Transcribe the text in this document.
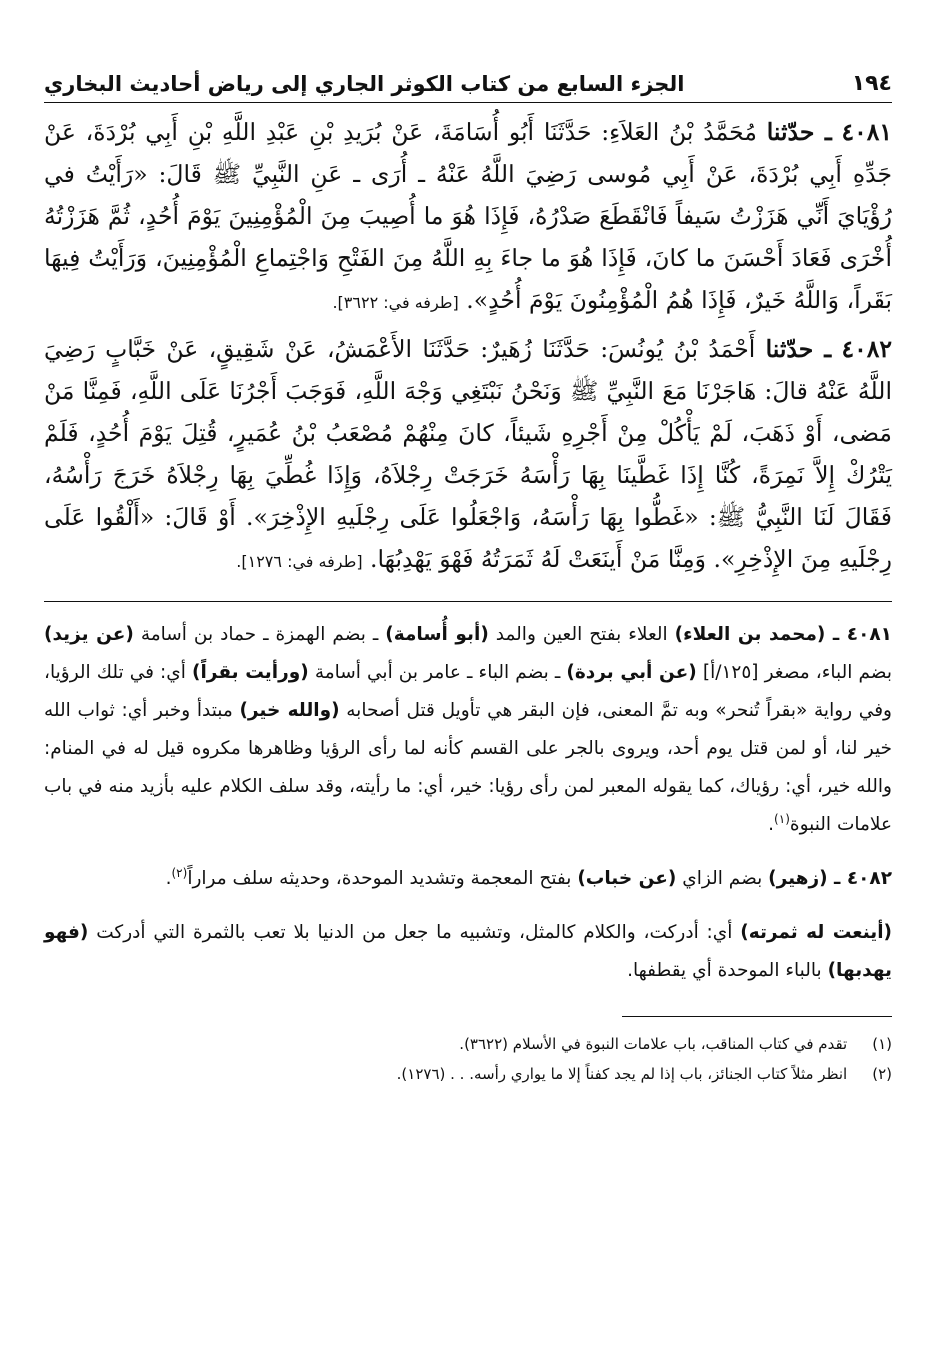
١٩٤
الجزء السابع من كتاب الكوثر الجاري إلى رياض أحاديث البخاري

٤٠٨١ ـ حدّثنا مُحَمَّدُ بْنُ العَلاَءِ: حَدَّثَنَا أَبُو أُسَامَةَ، عَنْ بُرَيدِ بْنِ عَبْدِ اللَّهِ بْنِ أَبِي بُرْدَةَ، عَنْ جَدِّهِ أَبِي بُرْدَةَ، عَنْ أَبِي مُوسى رَضِيَ اللَّهُ عَنْهُ ـ أُرَى ـ عَنِ النَّبِيِّ ﷺ قَالَ: «رَأَيْتُ في رُؤْيَايَ أَنِّي هَزَزْتُ سَيفاً فَانْقَطَعَ صَدْرُهُ، فَإِذَا هُوَ ما أُصِيبَ مِنَ الْمُؤْمِنِينَ يَوْمَ أُحُدٍ، ثُمَّ هَزَزْتُهُ أُخْرَى فَعَادَ أَحْسَنَ ما كانَ، فَإِذَا هُوَ ما جاءَ بِهِ اللَّهُ مِنَ الفَتْحِ وَاجْتِماعِ الْمُؤْمِنِينَ، وَرَأَيْتُ فِيهَا بَقَراً، وَاللَّهُ خَيرٌ، فَإِذَا هُمُ الْمُؤْمِنُونَ يَوْمَ أُحُدٍ». [طرفه في: ٣٦٢٢].

٤٠٨٢ ـ حدّثنا أَحْمَدُ بْنُ يُونُسَ: حَدَّثَنَا زُهَيرٌ: حَدَّثَنَا الأَعْمَشُ، عَنْ شَقِيقٍ، عَنْ خَبَّابٍ رَضِيَ اللَّهُ عَنْهُ قالَ: هَاجَرْنَا مَعَ النَّبِيِّ ﷺ وَنَحْنُ نَبْتَغِي وَجْهَ اللَّهِ، فَوَجَبَ أَجْرُنَا عَلَى اللَّهِ، فَمِنَّا مَنْ مَضى، أَوْ ذَهَبَ، لَمْ يَأْكُلْ مِنْ أَجْرِهِ شَيئاً، كانَ مِنْهُمْ مُصْعَبُ بْنُ عُمَيرٍ، قُتِلَ يَوْمَ أُحُدٍ، فَلَمْ يَتْرُكْ إِلاَّ نَمِرَةً، كُنَّا إِذَا غَطَّينَا بِهَا رَأْسَهُ خَرَجَتْ رِجْلاَهُ، وَإِذَا غُطِّيَ بِهَا رِجْلاَهُ خَرَجَ رَأْسُهُ، فَقَالَ لَنَا النَّبِيُّ ﷺ: «غَطُّوا بِهَا رَأْسَهُ، وَاجْعَلُوا عَلَى رِجْلَيهِ الإِذْخِرَ». أَوْ قَالَ: «أَلْقُوا عَلَى رِجْلَيهِ مِنَ الإِذْخِرِ». وَمِنَّا مَنْ أَينَعَتْ لَهُ ثَمَرَتُهُ فَهْوَ يَهْدِبُهَا. [طرفه في: ١٢٧٦].

٤٠٨١ ـ (محمد بن العلاء) العلاء بفتح العين والمد (أبو أُسامة) ـ بضم الهمزة ـ حماد بن أسامة (عن يزيد) بضم الباء، مصغر [١٢٥/أ] (عن أبي بردة) ـ بضم الباء ـ عامر بن أبي أسامة (ورأيت بقراً) أي: في تلك الرؤيا، وفي رواية «بقراً تُنحر» وبه تمَّ المعنى، فإن البقر هي تأويل قتل أصحابه (والله خير) مبتدأ وخبر أي: ثواب الله خير لنا، أو لمن قتل يوم أحد، ويروى بالجر على القسم كأنه لما رأى الرؤيا وظاهرها مكروه قيل له في المنام: والله خير، أي: رؤياك، كما يقوله المعبر لمن رأى رؤيا: خير، أي: ما رأيته، وقد سلف الكلام عليه بأزيد منه في باب علامات النبوة$^{(١)}$.

٤٠٨٢ ـ (زهير) بضم الزاي (عن خباب) بفتح المعجمة وتشديد الموحدة، وحديثه سلف مراراً$^{(٢)}$.

(أينعت له ثمرته) أي: أدركت، والكلام كالمثل، وتشبيه ما جعل من الدنيا بلا تعب بالثمرة التي أدركت (فهو يهدبها) بالباء الموحدة أي يقطفها.

(١) تقدم في كتاب المناقب، باب علامات النبوة في الأسلام (٣٦٢٢).

(٢) انظر مثلاً كتاب الجنائز، باب إذا لم يجد كفناً إلا ما يواري رأسه. . . (١٢٧٦).
